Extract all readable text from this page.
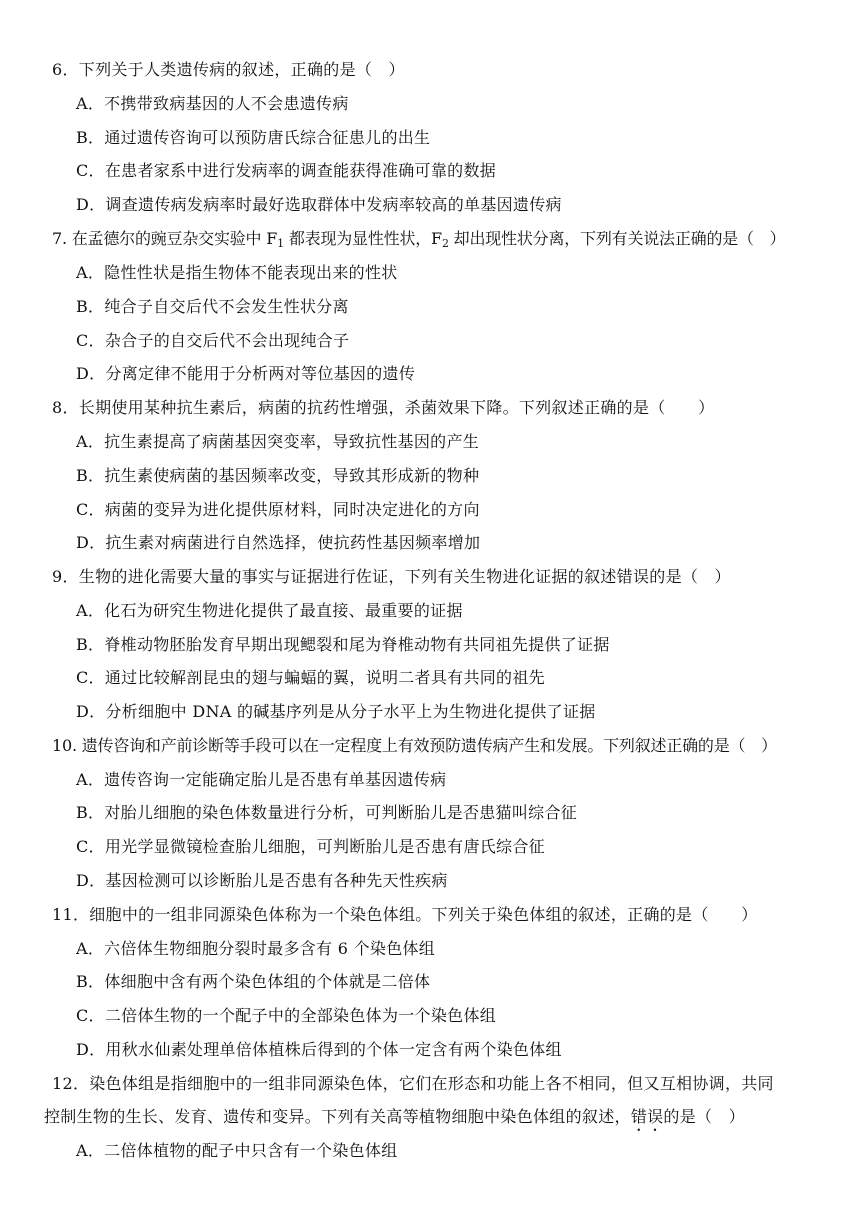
6．下列关于人类遗传病的叙述，正确的是（　）
A．不携带致病基因的人不会患遗传病
B．通过遗传咨询可以预防唐氏综合征患儿的出生
C．在患者家系中进行发病率的调查能获得准确可靠的数据
D．调查遗传病发病率时最好选取群体中发病率较高的单基因遗传病
7. 在孟德尔的豌豆杂交实验中 $F_1$ 都表现为显性性状，$F_2$ 却出现性状分离，下列有关说法正确的是（　）
A．隐性性状是指生物体不能表现出来的性状
B．纯合子自交后代不会发生性状分离
C．杂合子的自交后代不会出现纯合子
D．分离定律不能用于分析两对等位基因的遗传
8．长期使用某种抗生素后，病菌的抗药性增强，杀菌效果下降。下列叙述正确的是（　　）
A．抗生素提高了病菌基因突变率，导致抗性基因的产生
B．抗生素使病菌的基因频率改变，导致其形成新的物种
C．病菌的变异为进化提供原材料，同时决定进化的方向
D．抗生素对病菌进行自然选择，使抗药性基因频率增加
9．生物的进化需要大量的事实与证据进行佐证，下列有关生物进化证据的叙述错误的是（　）
A．化石为研究生物进化提供了最直接、最重要的证据
B．脊椎动物胚胎发育早期出现鳃裂和尾为脊椎动物有共同祖先提供了证据
C．通过比较解剖昆虫的翅与蝙蝠的翼，说明二者具有共同的祖先
D．分析细胞中 DNA 的碱基序列是从分子水平上为生物进化提供了证据
10. 遗传咨询和产前诊断等手段可以在一定程度上有效预防遗传病产生和发展。下列叙述正确的是（　）
A．遗传咨询一定能确定胎儿是否患有单基因遗传病
B．对胎儿细胞的染色体数量进行分析，可判断胎儿是否患猫叫综合征
C．用光学显微镜检查胎儿细胞，可判断胎儿是否患有唐氏综合征
D．基因检测可以诊断胎儿是否患有各种先天性疾病
11．细胞中的一组非同源染色体称为一个染色体组。下列关于染色体组的叙述，正确的是（　　）
A．六倍体生物细胞分裂时最多含有 6 个染色体组
B．体细胞中含有两个染色体组的个体就是二倍体
C．二倍体生物的一个配子中的全部染色体为一个染色体组
D．用秋水仙素处理单倍体植株后得到的个体一定含有两个染色体组
12．染色体组是指细胞中的一组非同源染色体，它们在形态和功能上各不相同，但又互相协调，共同
控制生物的生长、发育、遗传和变异。下列有关高等植物细胞中染色体组的叙述，错误的是（　）
A．二倍体植物的配子中只含有一个染色体组
